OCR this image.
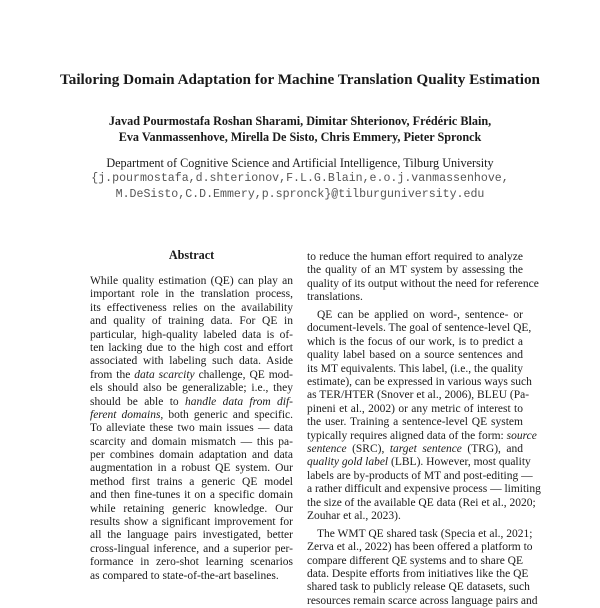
Tailoring Domain Adaptation for Machine Translation Quality Estimation
Javad Pourmostafa Roshan Sharami, Dimitar Shterionov, Frédéric Blain,
Eva Vanmassenhove, Mirella De Sisto, Chris Emmery, Pieter Spronck
Department of Cognitive Science and Artificial Intelligence, Tilburg University
{j.pourmostafa,d.shterionov,F.L.G.Blain,e.o.j.vanmassenhove,
M.DeSisto,C.D.Emmery,p.spronck}@tilburguniversity.edu
Abstract
While quality estimation (QE) can play an
important role in the translation process,
its effectiveness relies on the availability
and quality of training data. For QE in
particular, high-quality labeled data is of-
ten lacking due to the high cost and effort
associated with labeling such data. Aside
from the data scarcity challenge, QE mod-
els should also be generalizable; i.e., they
should be able to handle data from dif-
ferent domains, both generic and specific.
To alleviate these two main issues — data
scarcity and domain mismatch — this pa-
per combines domain adaptation and data
augmentation in a robust QE system. Our
method first trains a generic QE model
and then fine-tunes it on a specific domain
while retaining generic knowledge. Our
results show a significant improvement for
all the language pairs investigated, better
cross-lingual inference, and a superior per-
formance in zero-shot learning scenarios
as compared to state-of-the-art baselines.
to reduce the human effort required to analyze
the quality of an MT system by assessing the
quality of its output without the need for reference
translations.
QE can be applied on word-, sentence- or
document-levels. The goal of sentence-level QE,
which is the focus of our work, is to predict a
quality label based on a source sentences and
its MT equivalents. This label, (i.e., the quality
estimate), can be expressed in various ways such
as TER/HTER (Snover et al., 2006), BLEU (Pa-
pineni et al., 2002) or any metric of interest to
the user. Training a sentence-level QE system
typically requires aligned data of the form: source
sentence (SRC), target sentence (TRG), and
quality gold label (LBL). However, most quality
labels are by-products of MT and post-editing —
a rather difficult and expensive process — limiting
the size of the available QE data (Rei et al., 2020;
Zouhar et al., 2023).
The WMT QE shared task (Specia et al., 2021;
Zerva et al., 2022) has been offered a platform to
compare different QE systems and to share QE
data. Despite efforts from initiatives like the QE
shared task to publicly release QE datasets, such
resources remain scarce across language pairs and
